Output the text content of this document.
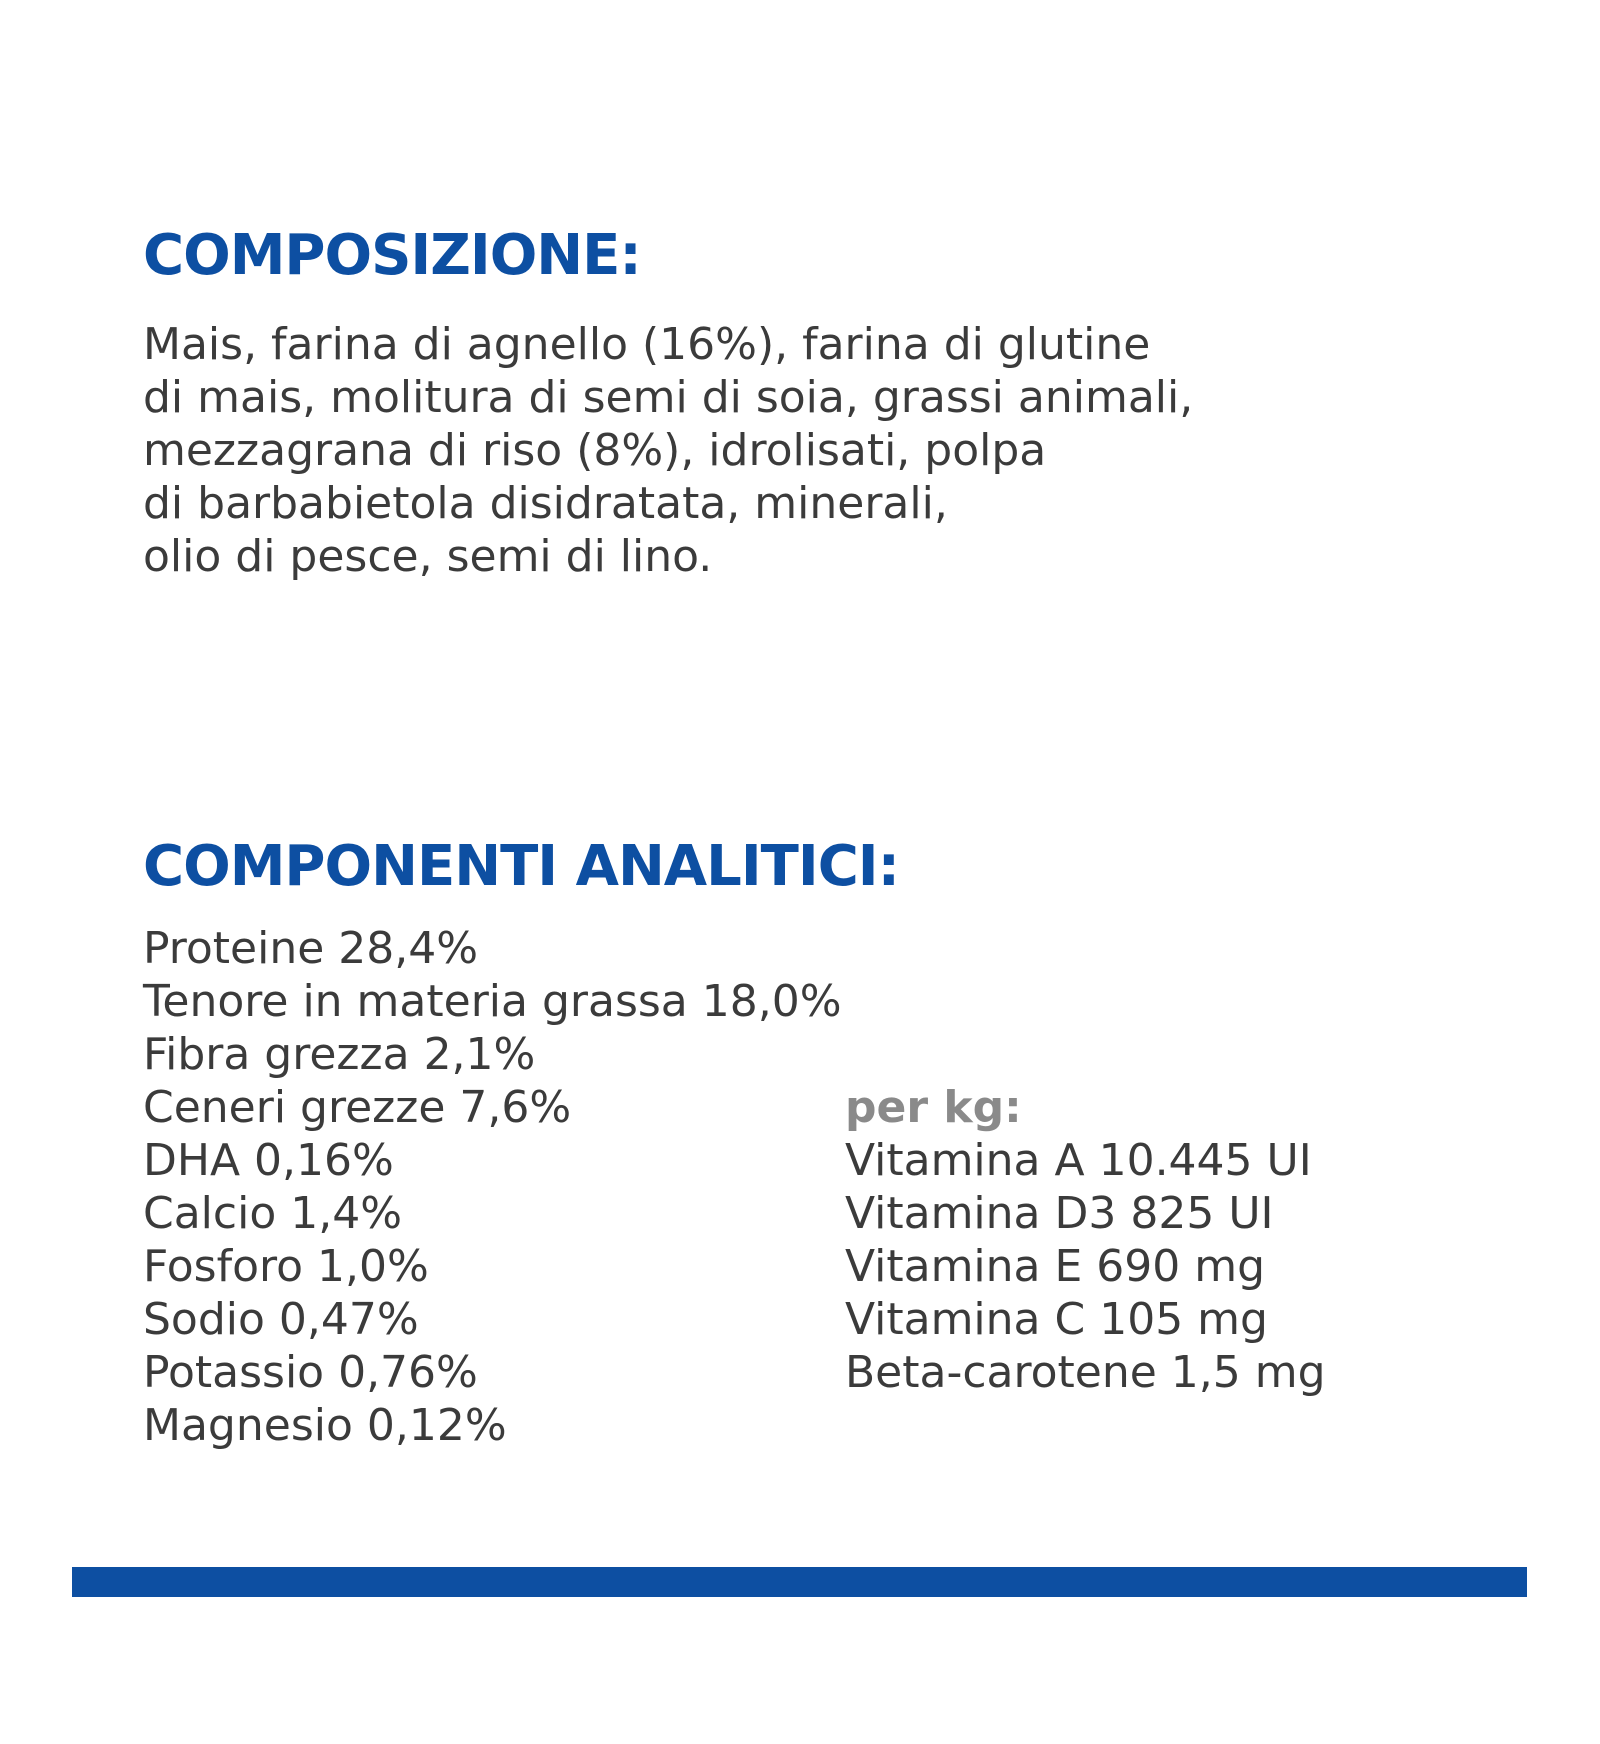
COMPOSIZIONE:

Mais, farina di agnello (16%), farina di glutine
di mais, molitura di semi di soia, grassi animali,
mezzagrana di riso (8%), idrolisati, polpa
di barbabietola disidratata, minerali,
olio di pesce, semi di lino.

COMPONENTI ANALITICI:
Proteine 28,4%
Tenore in materia grassa 18,0%
Fibra grezza 2,1%
Ceneri grezze 7,6%
DHA 0,16%
Calcio 1,4%
Fosforo 1,0%
Sodio 0,47%
Potassio 0,76%
Magnesio 0,12%
per kg:
Vitamina A 10.445 UI
Vitamina D3 825 UI
Vitamina E 690 mg
Vitamina C 105 mg
Beta-carotene 1,5 mg
